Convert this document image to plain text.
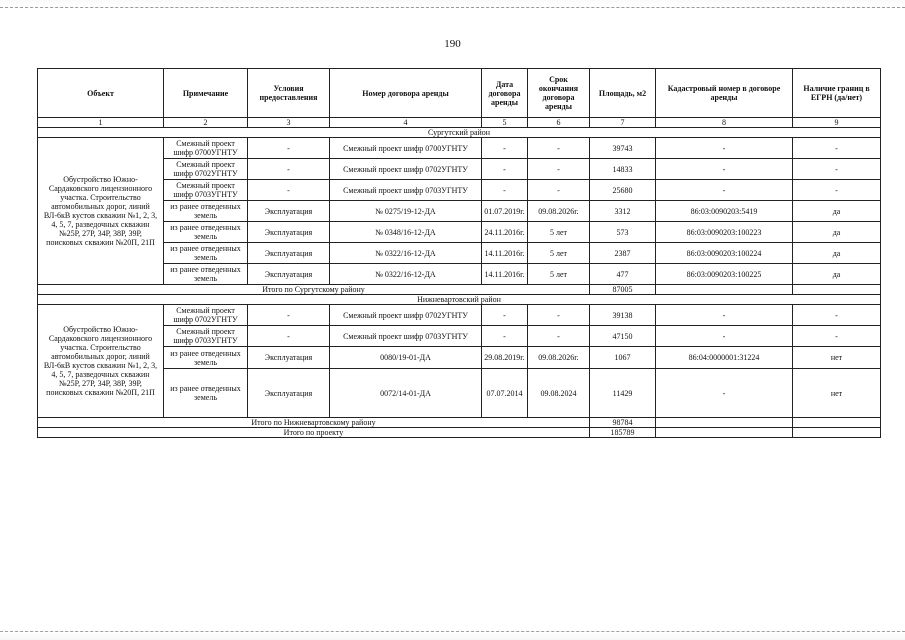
190
Объект	Примечание	Условия предоставления	Номер договора аренды	Дата договора аренды	Срок окончания договора аренды	Площадь, м2	Кадастровый номер в договоре аренды	Наличие границ в ЕГРН (да/нет)
1	2	3	4	5	6	7	8	9
Сургутский район								
Обустройство Южно-Сардаковского лицензионного участка. Строительство автомобильных дорог, линий ВЛ-6кВ кустов скважин №1, 2, 3, 4, 5, 7, разведочных скважин №25Р, 27Р, 34Р, 38Р, 39Р, поисковых скважин №20П, 21П	Смежный проект шифр 0700УГНТУ	-	Смежный проект шифр 0700УГНТУ	-	-	39743	-	-
	Смежный проект шифр 0702УГНТУ	-	Смежный проект шифр 0702УГНТУ	-	-	14833	-	-
	Смежный проект шифр 0703УГНТУ	-	Смежный проект шифр 0703УГНТУ	-	-	25680	-	-
	из ранее отведенных земель	Эксплуатация	№ 0275/19-12-ДА	01.07.2019г.	09.08.2026г.	3312	86:03:0090203:5419	да
	из ранее отведенных земель	Эксплуатация	№ 0348/16-12-ДА	24.11.2016г.	5 лет	573	86:03:0090203:100223	да
	из ранее отведенных земель	Эксплуатация	№ 0322/16-12-ДА	14.11.2016г.	5 лет	2387	86:03:0090203:100224	да
	из ранее отведенных земель	Эксплуатация	№ 0322/16-12-ДА	14.11.2016г.	5 лет	477	86:03:0090203:100225	да
Итого по Сургутскому району						87005		
Нижневартовский район								
Обустройство Южно-Сардаковского лицензионного участка. Строительство автомобильных дорог, линий ВЛ-6кВ кустов скважин №1, 2, 3, 4, 5, 7, разведочных скважин №25Р, 27Р, 34Р, 38Р, 39Р, поисковых скважин №20П, 21П	Смежный проект шифр 0702УГНТУ	-	Смежный проект шифр 0702УГНТУ	-	-	39138	-	-
	Смежный проект шифр 0703УГНТУ	-	Смежный проект шифр 0703УГНТУ	-	-	47150	-	-
	из ранее отведенных земель	Эксплуатация	0080/19-01-ДА	29.08.2019г.	09.08.2026г.	1067	86:04:0000001:31224	нет
	из ранее отведенных земель	Эксплуатация	0072/14-01-ДА	07.07.2014	09.08.2024	11429	-	нет
Итого по Нижневартовскому району						98784		
Итого по проекту						185789		
